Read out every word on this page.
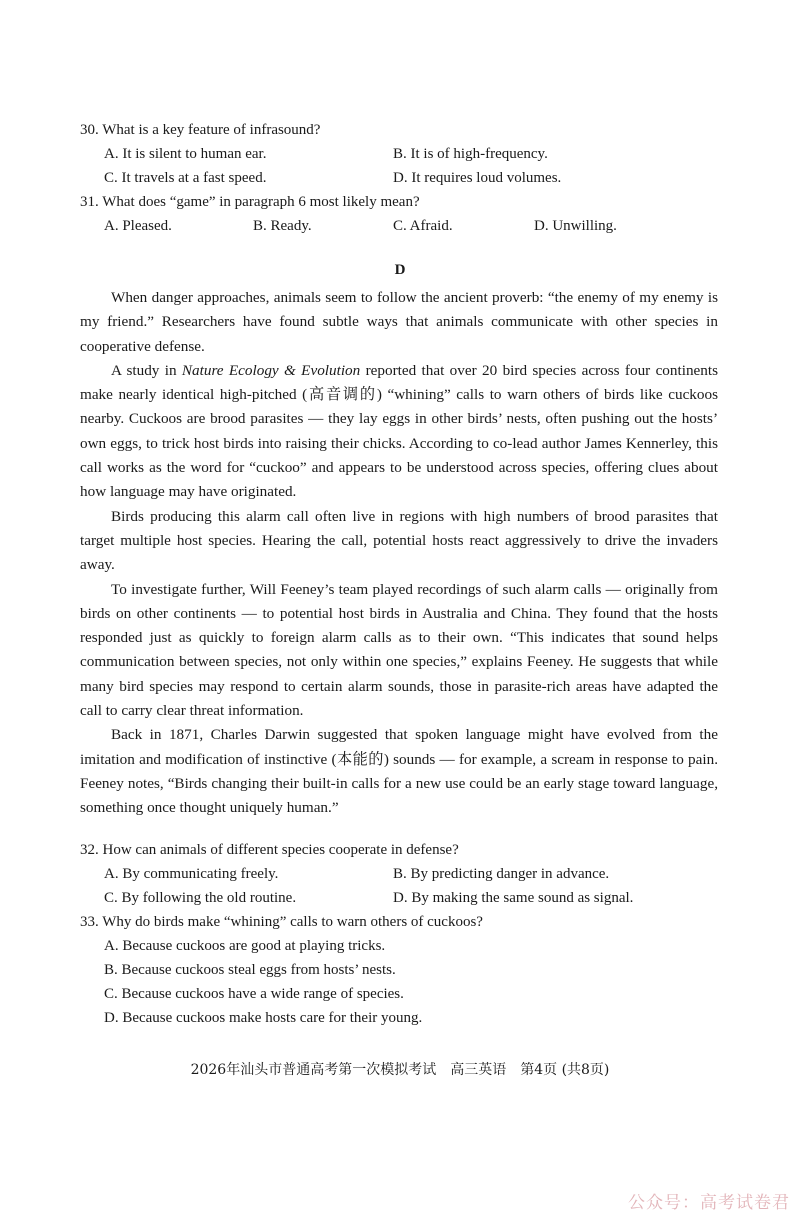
30. What is a key feature of infrasound?
A. It is silent to human ear.	B. It is of high-frequency.
C. It travels at a fast speed.	D. It requires loud volumes.
31. What does “game” in paragraph 6 most likely mean?
A. Pleased.	B. Ready.	C. Afraid.	D. Unwilling.
D

When danger approaches, animals seem to follow the ancient proverb: “the enemy of my enemy is my friend.” Researchers have found subtle ways that animals communicate with other species in cooperative defense.

A study in Nature Ecology & Evolution reported that over 20 bird species across four continents make nearly identical high-pitched (高音调的) “whining” calls to warn others of birds like cuckoos nearby. Cuckoos are brood parasites — they lay eggs in other birds’ nests, often pushing out the hosts’ own eggs, to trick host birds into raising their chicks. According to co-lead author James Kennerley, this call works as the word for “cuckoo” and appears to be understood across species, offering clues about how language may have originated.

Birds producing this alarm call often live in regions with high numbers of brood parasites that target multiple host species. Hearing the call, potential hosts react aggressively to drive the invaders away.

To investigate further, Will Feeney’s team played recordings of such alarm calls — originally from birds on other continents — to potential host birds in Australia and China. They found that the hosts responded just as quickly to foreign alarm calls as to their own. “This indicates that sound helps communication between species, not only within one species,” explains Feeney. He suggests that while many bird species may respond to certain alarm sounds, those in parasite-rich areas have adapted the call to carry clear threat information.

Back in 1871, Charles Darwin suggested that spoken language might have evolved from the imitation and modification of instinctive (本能的) sounds — for example, a scream in response to pain. Feeney notes, “Birds changing their built-in calls for a new use could be an early stage toward language, something once thought uniquely human.”

32. How can animals of different species cooperate in defense?
A. By communicating freely.	B. By predicting danger in advance.
C. By following the old routine.	D. By making the same sound as signal.
33. Why do birds make “whining” calls to warn others of cuckoos?
A. Because cuckoos are good at playing tricks.
B. Because cuckoos steal eggs from hosts’ nests.
C. Because cuckoos have a wide range of species.
D. Because cuckoos make hosts care for their young.
2026年汕头市普通高考第一次模拟考试　高三英语　第4页 (共8页)
公众号：高考试卷君
